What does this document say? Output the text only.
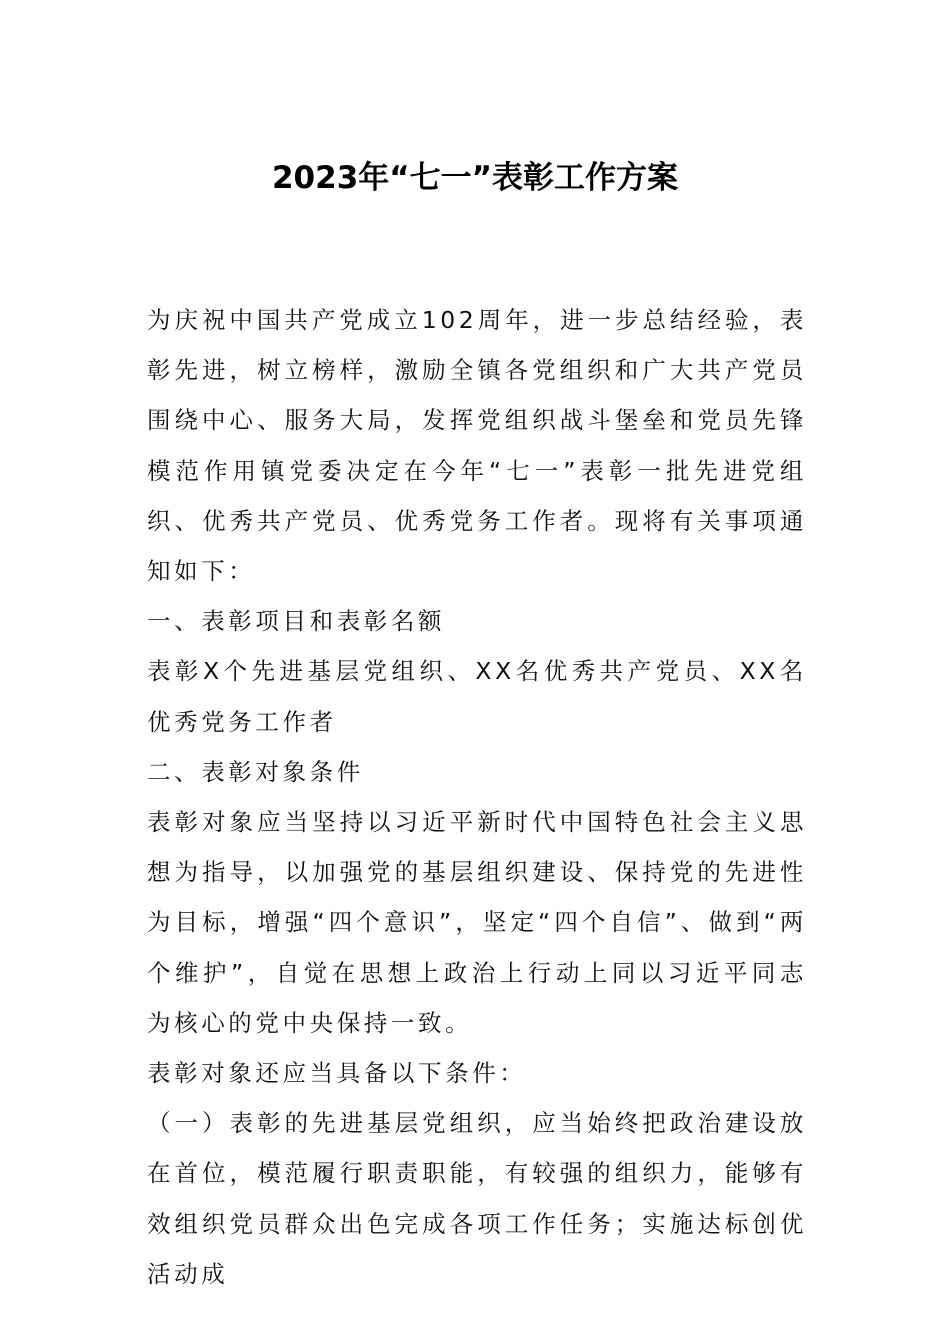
2023年“七一”表彰工作方案

为庆祝中国共产党成立102周年，进一步总结经验，表彰先进，树立榜样，激励全镇各党组织和广大共产党员围绕中心、服务大局，发挥党组织战斗堡垒和党员先锋模范作用镇党委决定在今年“七一”表彰一批先进党组织、优秀共产党员、优秀党务工作者。现将有关事项通知如下：

一、表彰项目和表彰名额

表彰X个先进基层党组织、XX名优秀共产党员、XX名优秀党务工作者

二、表彰对象条件

表彰对象应当坚持以习近平新时代中国特色社会主义思想为指导，以加强党的基层组织建设、保持党的先进性为目标，增强“四个意识”，坚定“四个自信”、做到“两个维护”，自觉在思想上政治上行动上同以习近平同志为核心的党中央保持一致。

表彰对象还应当具备以下条件：

（一）表彰的先进基层党组织，应当始终把政治建设放在首位，模范履行职责职能，有较强的组织力，能够有效组织党员群众出色完成各项工作任务；实施达标创优活动成
